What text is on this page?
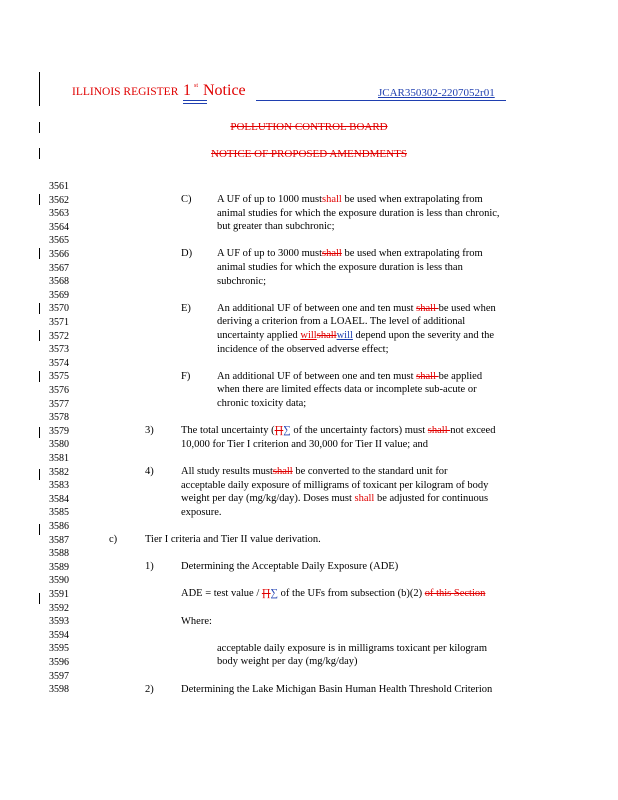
ILLINOIS REGISTER 1 st Notice	JCAR350302-2207052r01
POLLUTION CONTROL BOARD
NOTICE OF PROPOSED AMENDMENTS
3561
3562
3563
3564
3565
3566
3567
3568
3569
3570
3571
3572
3573
3574
3575
3576
3577
3578
3579
3580
3581
3582
3583
3584
3585
3586
3587
3588
3589
3590
3591
3592
3593
3594
3595
3596
3597
3598
C) A UF of up to 1000 mustshall be used when extrapolating from
animal studies for which the exposure duration is less than chronic,
but greater than subchronic;
D) A UF of up to 3000 mustshall be used when extrapolating from
animal studies for which the exposure duration is less than
subchronic;
E) An additional UF of between one and ten must shall be used when
deriving a criterion from a LOAEL. The level of additional
uncertainty applied willshallwill depend upon the severity and the
incidence of the observed adverse effect;
F)	An additional UF of between one and ten must shall be applied
when there are limited effects data or incomplete sub-acute or
chronic toxicity data;
3)	The total uncertainty (∏∑ of the uncertainty factors) must shall not exceed
10,000 for Tier I criterion and 30,000 for Tier II value; and
4)	All study results mustshall be converted to the standard unit for
acceptable daily exposure of milligrams of toxicant per kilogram of body
weight per day (mg/kg/day). Doses must shall be adjusted for continuous
exposure.
c)	Tier I criteria and Tier II value derivation.
1)	Determining the Acceptable Daily Exposure (ADE)
ADE = test value / ∏∑ of the UFs from subsection (b)(2) of this Section
Where:
acceptable daily exposure is in milligrams toxicant per kilogram
body weight per day (mg/kg/day)
2)	Determining the Lake Michigan Basin Human Health Threshold Criterion
